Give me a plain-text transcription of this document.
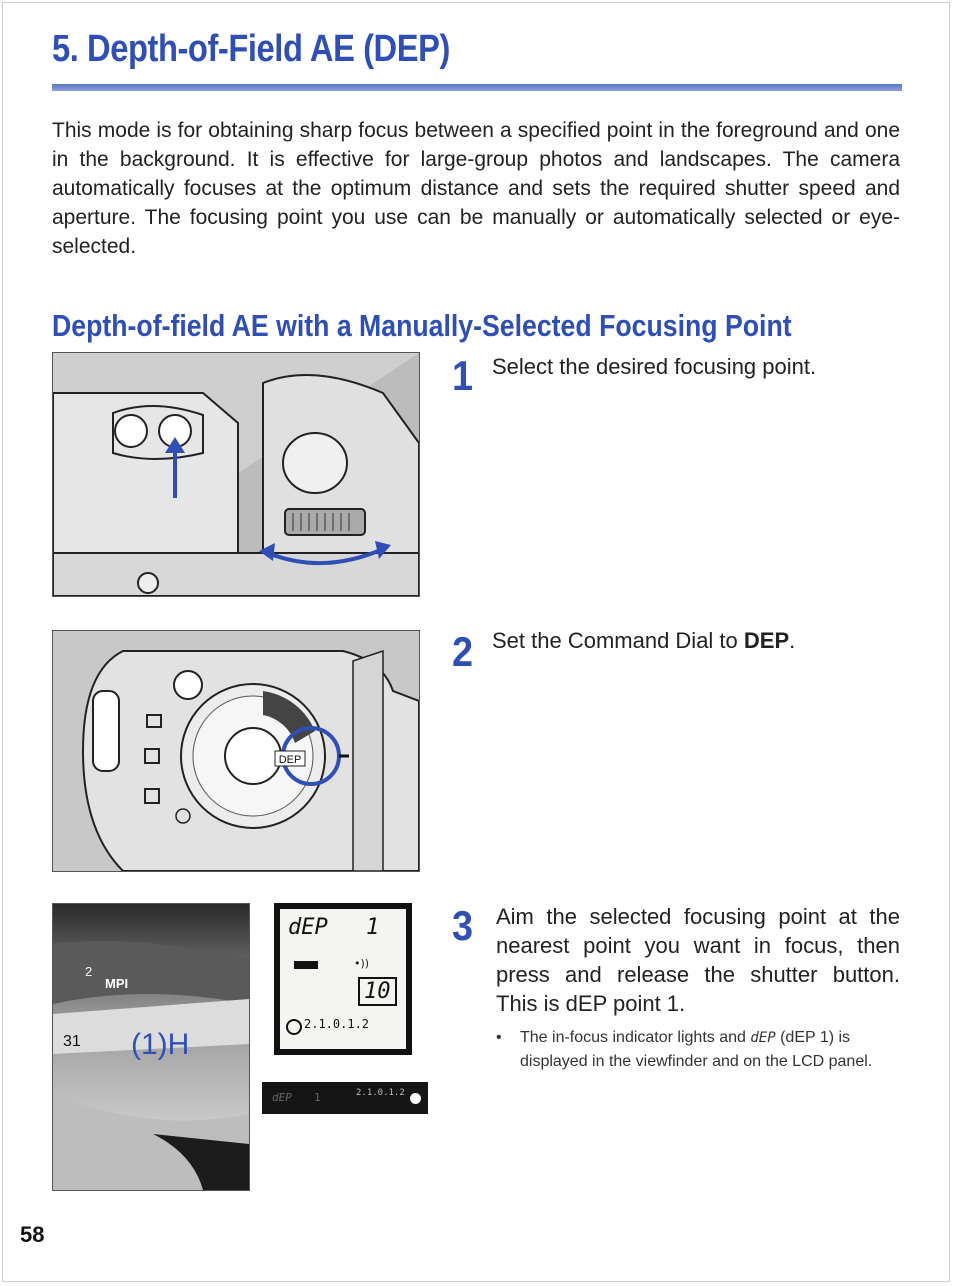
5. Depth-of-Field AE (DEP)

This mode is for obtaining sharp focus between a specified point in the foreground and one in the background. It is effective for large-group photos and landscapes. The camera automatically focuses at the optimum distance and sets the required shutter speed and aperture. The focusing point you use can be manually or automatically selected or eye-selected.

Depth-of-field AE with a Manually-Selected Focusing Point
1 Select the desired focusing point.
DEP
2 Set the Command Dial to DEP.
2
MPI
31 (1)H
dEP 1
•))
10
2.1.0.1.2
dEP 1	2.1.0.1.2
3 Aim the selected focusing point at the nearest point you want in focus, then press and release the shutter button. This is dEP point 1.

•	The in-focus indicator lights and dEP (dEP 1) is displayed in the viewfinder and on the LCD panel.
58
